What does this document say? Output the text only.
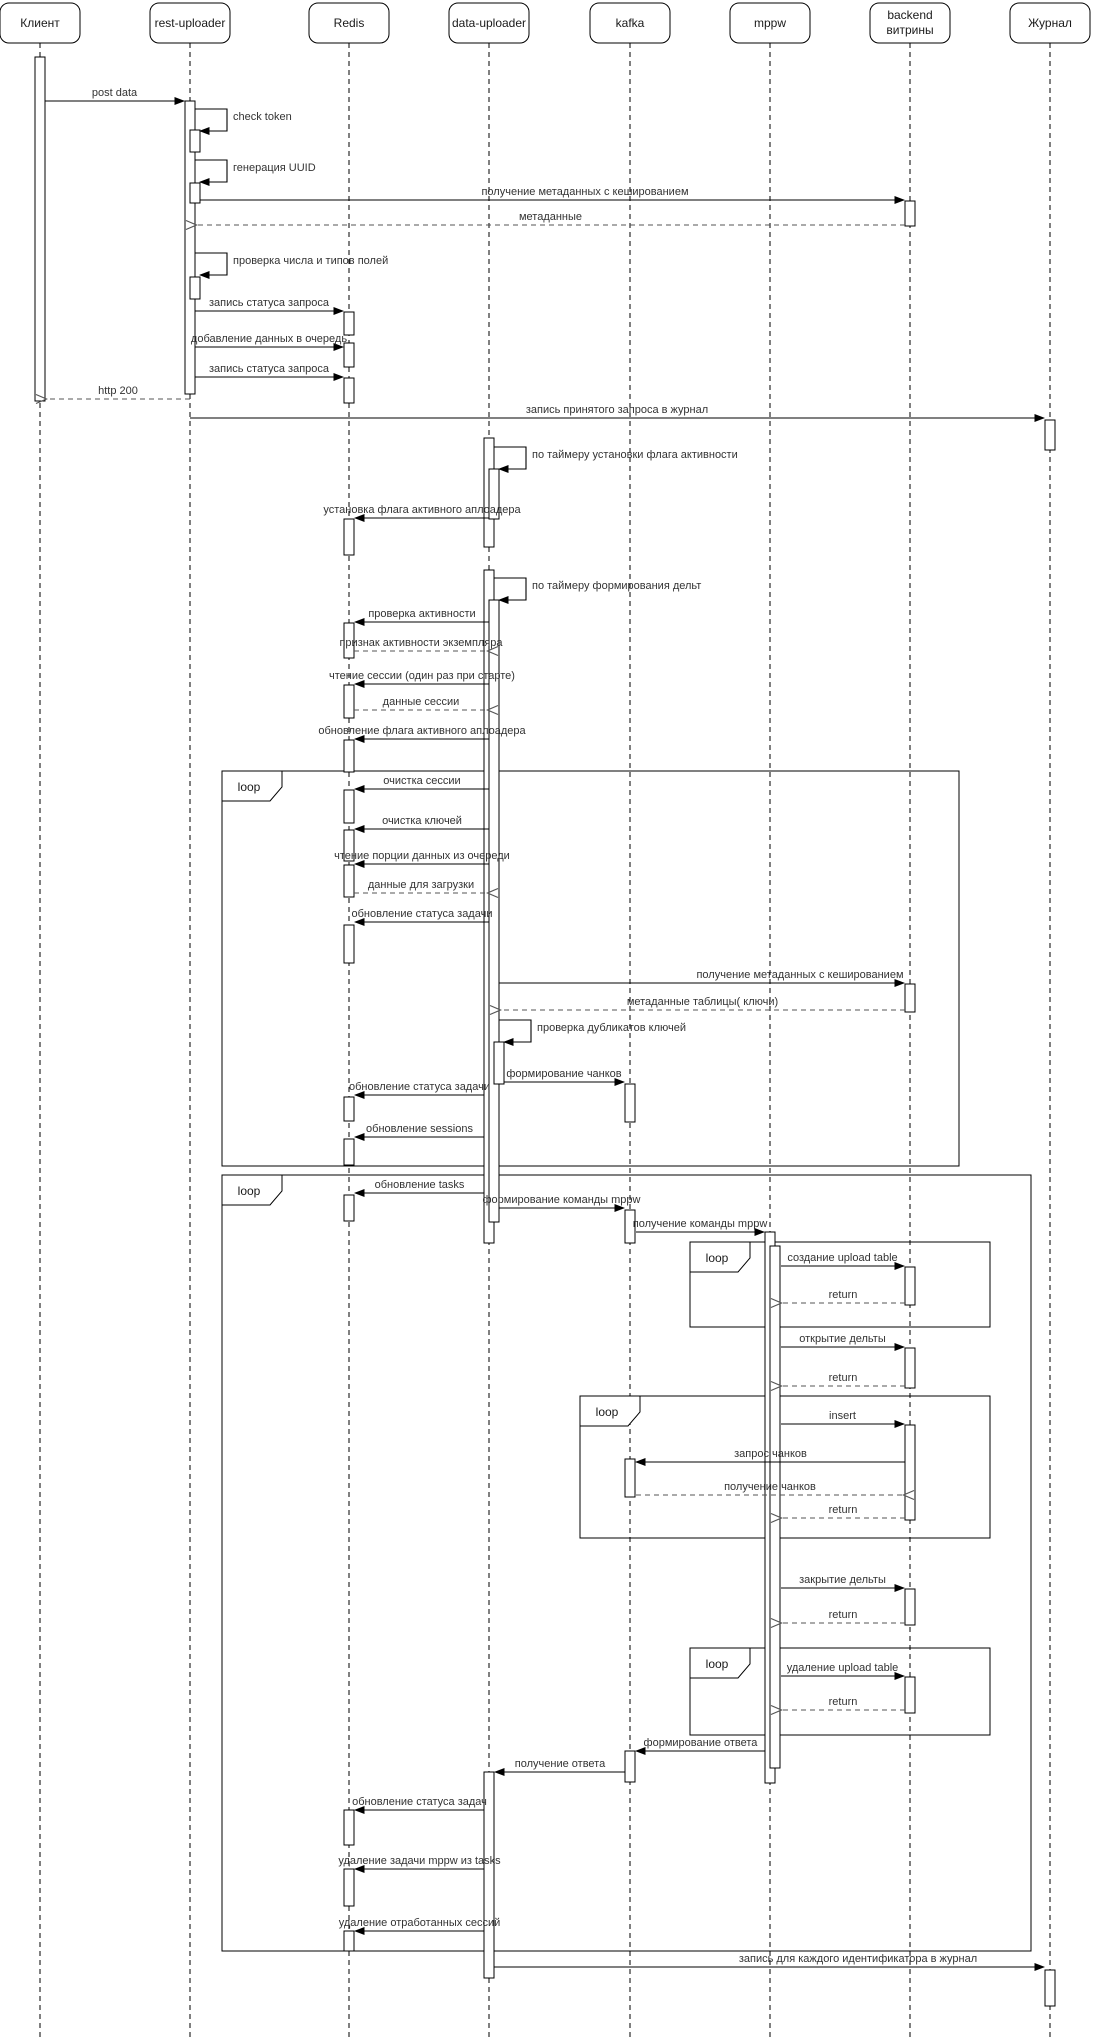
loop
loop
loop
loop
loop
post data
получение метаданных с кешированием
метаданные
запись статуса запроса
добавление данных в очередь
запись статуса запроса
http 200
запись принятого запроса в журнал
установка флага активного аплоадера
проверка активности
признак активности экземпляра
чтение сессии (один раз при старте)
данные сессии
обновление флага активного аплоадера
очистка сессии
очистка ключей
чтение порции данных из очереди
данные для загрузки
обновление статуса задачи
получение метаданных с кешированием
метаданные таблицы( ключи)
формирование чанков
обновление статуса задачи
обновление sessions
обновление tasks
формирование команды mppw
получение команды mppw
создание upload table
return
открытие дельты
return
insert
запрос чанков
получение чанков
return
закрытие дельты
return
удаление upload table
return
формирование ответа
получение ответа
обновление статуса задач
удаление задачи mppw из tasks
удаление отработанных сессий
запись для каждого идентификатора в журнал
check token
генерация UUID
проверка числа и типов полей
по таймеру установки флага активности
по таймеру формирования дельт
проверка дубликатов ключей
Клиент	rest-uploader	Redis	data-uploader	kafka	mppw
backend витрины	Журнал
